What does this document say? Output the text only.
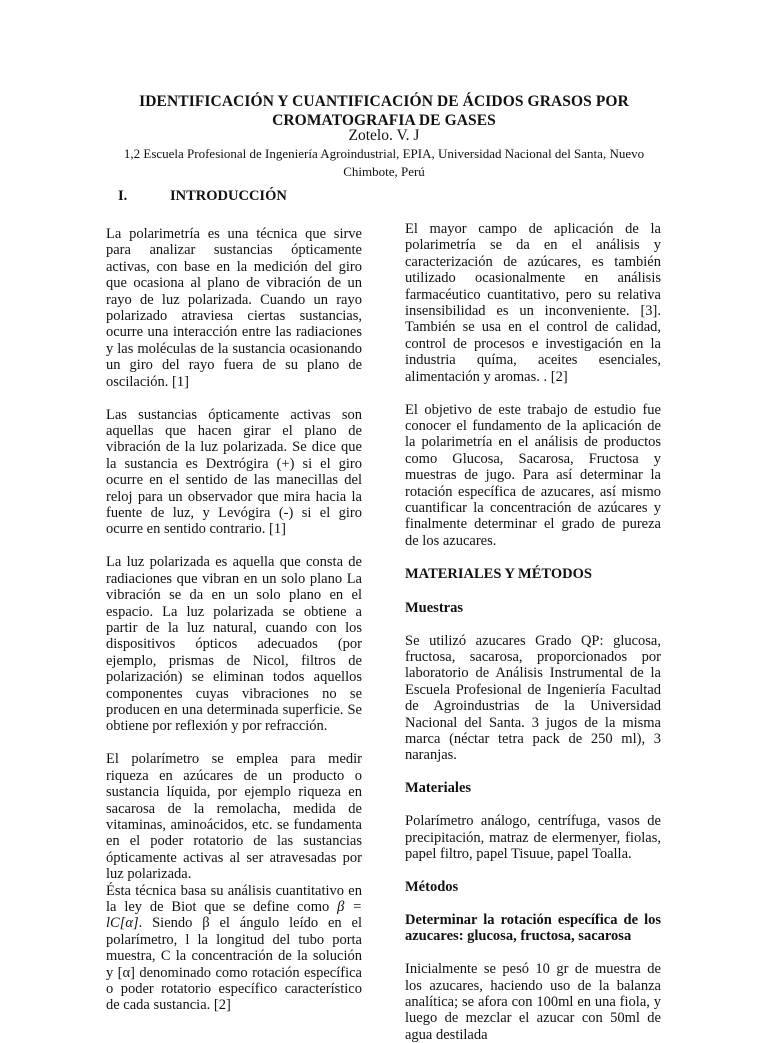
IDENTIFICACIÓN Y CUANTIFICACIÓN DE ÁCIDOS GRASOS POR CROMATOGRAFIA DE GASES
Zotelo. V. J
1,2 Escuela Profesional de Ingeniería Agroindustrial, EPIA, Universidad Nacional del Santa, Nuevo Chimbote, Perú
I.	INTRODUCCIÓN

La polarimetría es una técnica que sirve para analizar sustancias ópticamente activas, con base en la medición del giro que ocasiona al plano de vibración de un rayo de luz polarizada. Cuando un rayo polarizado atraviesa ciertas sustancias, ocurre una interacción entre las radiaciones y las moléculas de la sustancia ocasionando un giro del rayo fuera de su plano de oscilación. [1]

Las sustancias ópticamente activas son aquellas que hacen girar el plano de vibración de la luz polarizada. Se dice que la sustancia es Dextrógira (+) si el giro ocurre en el sentido de las manecillas del reloj para un observador que mira hacia la fuente de luz, y Levógira (-) si el giro ocurre en sentido contrario. [1]

La luz polarizada es aquella que consta de radiaciones que vibran en un solo plano La vibración se da en un solo plano en el espacio. La luz polarizada se obtiene a partir de la luz natural, cuando con los dispositivos ópticos adecuados (por ejemplo, prismas de Nicol, filtros de polarización) se eliminan todos aquellos componentes cuyas vibraciones no se producen en una determinada superficie. Se obtiene por reflexión y por refracción.

El polarímetro se emplea para medir riqueza en azúcares de un producto o sustancia líquida, por ejemplo riqueza en sacarosa de la remolacha, medida de vitaminas, aminoácidos, etc. se fundamenta en el poder rotatorio de las sustancias ópticamente activas al ser atravesadas por luz polarizada.

Ésta técnica basa su análisis cuantitativo en la ley de Biot que se define como β = lC[α]. Siendo β el ángulo leído en el polarímetro, l la longitud del tubo porta muestra, C la concentración de la solución y [α] denominado como rotación específica o poder rotatorio específico característico de cada sustancia. [2]

El mayor campo de aplicación de la polarimetría se da en el análisis y caracterización de azúcares, es también utilizado ocasionalmente en análisis farmacéutico cuantitativo, pero su relativa insensibilidad es un inconveniente. [3]. También se usa en el control de calidad, control de procesos e investigación en la industria químa, aceites esenciales, alimentación y aromas. . [2]

El objetivo de este trabajo de estudio fue conocer el fundamento de la aplicación de la polarimetría en el análisis de productos como Glucosa, Sacarosa, Fructosa y muestras de jugo. Para así determinar la rotación específica de azucares, así mismo cuantificar la concentración de azúcares y finalmente determinar el grado de pureza de los azucares.

MATERIALES Y MÉTODOS

Muestras

Se utilizó azucares Grado QP: glucosa, fructosa, sacarosa, proporcionados por laboratorio de Análisis Instrumental de la Escuela Profesional de Ingeniería Facultad de Agroindustrias de la Universidad Nacional del Santa. 3 jugos de la misma marca (néctar tetra pack de 250 ml), 3 naranjas.

Materiales

Polarímetro análogo, centrífuga, vasos de precipitación, matraz de elermenyer, fiolas, papel filtro, papel Tisuue, papel Toalla.

Métodos

Determinar la rotación específica de los azucares: glucosa, fructosa, sacarosa

Inicialmente se pesó 10 gr de muestra de los azucares, haciendo uso de la balanza analítica; se afora con 100ml en una fiola, y luego de mezclar el azucar con 50ml de agua destilada
